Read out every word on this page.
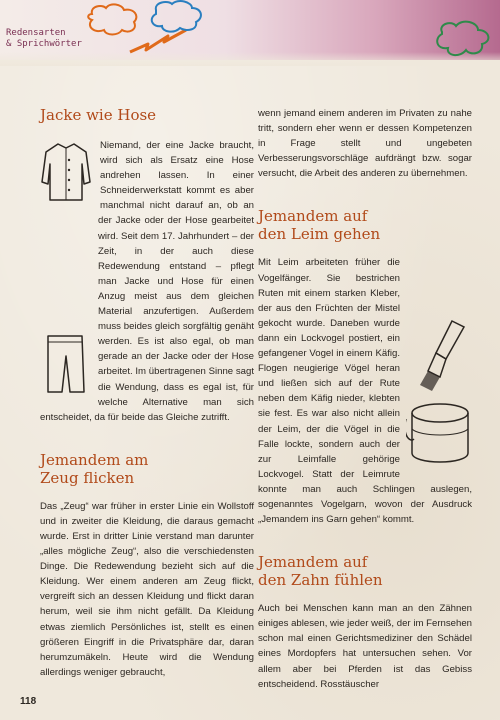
Redensarten
& Sprichwörter
Jacke wie Hose

Niemand, der eine Jacke braucht, wird sich als Ersatz eine Hose andrehen lassen. In einer Schneiderwerkstatt kommt es aber manchmal nicht darauf an, ob an der Jacke oder der Hose gearbeitet wird. Seit dem 17. Jahrhundert – der Zeit, in der auch diese Redewendung entstand – pflegt man Jacke und Hose für einen Anzug meist aus dem gleichen Material anzufertigen. Außerdem muss beides gleich sorgfältig genäht werden. Es ist also egal, ob man gerade an der Jacke oder der Hose arbeitet. Im übertragenen Sinne sagt die Wendung, dass es egal ist, für welche Alternative man sich entscheidet, da für beide das Gleiche zutrifft.

Jemandem am
Zeug flicken

Das „Zeug“ war früher in erster Linie ein Wollstoff und in zweiter die Kleidung, die daraus gemacht wurde. Erst in dritter Linie verstand man darunter „alles mögliche Zeug“, also die verschiedensten Dinge. Die Redewendung bezieht sich auf die Kleidung. Wer einem anderen am Zeug flickt, vergreift sich an dessen Kleidung und flickt daran herum, weil sie ihm nicht gefällt. Da Kleidung etwas ziemlich Persönliches ist, stellt es einen größeren Eingriff in die Privatsphäre dar, daran herumzumäkeln. Heute wird die Wendung allerdings weniger gebraucht,

wenn jemand einem anderen im Privaten zu nahe tritt, sondern eher wenn er dessen Kompetenzen in Frage stellt und ungebeten Verbesserungsvorschläge aufdrängt bzw. sogar versucht, die Arbeit des anderen zu übernehmen.

Jemandem auf
den Leim gehen

Mit Leim arbeiteten früher die Vogelfänger. Sie bestrichen Ruten mit einem starken Kleber, der aus den Früchten der Mistel gekocht wurde. Daneben wurde dann ein Lockvogel postiert, ein gefangener Vogel in einem Käfig. Flogen neugierige Vögel heran und ließen sich auf der Rute neben dem Käfig nieder, klebten sie fest. Es war also nicht allein der Leim, der die Vögel in die Falle lockte, sondern auch der zur Leimfalle gehörige Lockvogel. Statt der Leimrute konnte man auch Schlingen auslegen, sogenanntes Vogelgarn, wovon der Ausdruck „Jemandem ins Garn gehen“ kommt.

Jemandem auf
den Zahn fühlen

Auch bei Menschen kann man an den Zähnen einiges ablesen, wie jeder weiß, der im Fernsehen schon mal einen Gerichtsmediziner den Schädel eines Mordopfers hat untersuchen sehen. Vor allem aber bei Pferden ist das Gebiss entscheidend. Rosstäuscher

118
